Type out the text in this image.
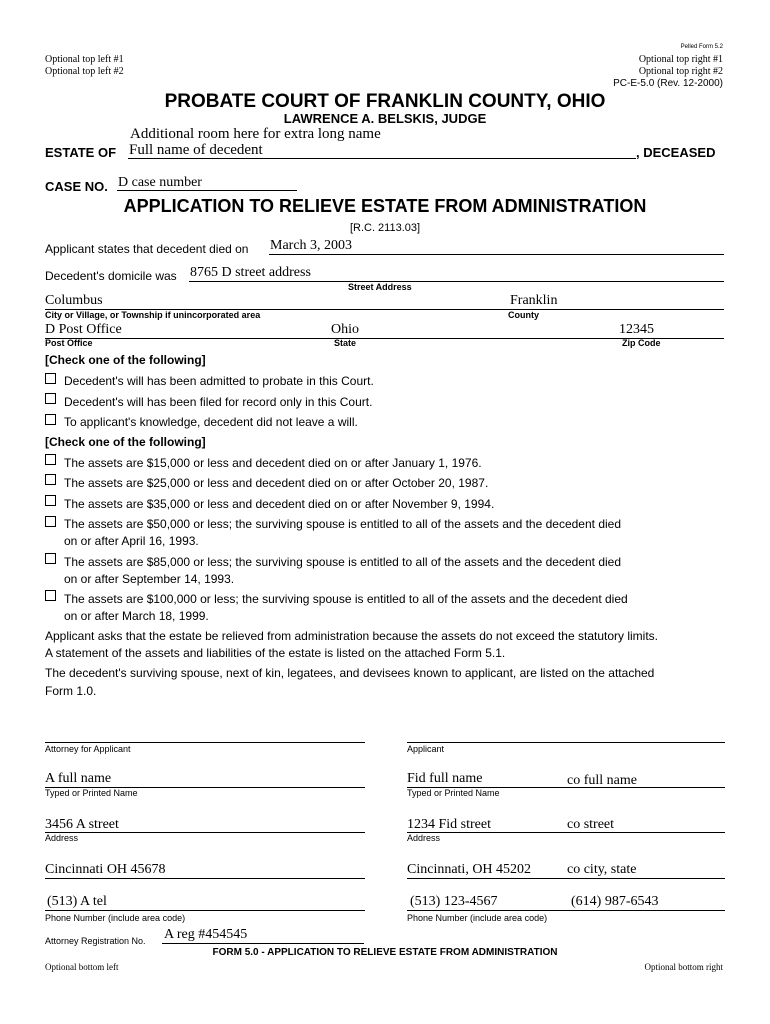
Pelled Form 5.2
Optional top left #1
Optional top left #2
Optional top right #1
Optional top right #2
PC-E-5.0 (Rev. 12-2000)
PROBATE COURT OF FRANKLIN COUNTY, OHIO
LAWRENCE A. BELSKIS, JUDGE
Additional room here for extra long name
ESTATE OF Full name of decedent	, DECEASED
CASE NO. D case number
APPLICATION TO RELIEVE ESTATE FROM ADMINISTRATION
[R.C. 2113.03]
Applicant states that decedent died on March 3, 2003
Decedent's domicile was 8765 D street address
Street Address
Columbus	Franklin
City or Village, or Township if unincorporated area	County
D Post Office	Ohio	12345
Post Office	State	Zip Code
[Check one of the following]
Decedent's will has been admitted to probate in this Court.
Decedent's will has been filed for record only in this Court.
To applicant's knowledge, decedent did not leave a will.
[Check one of the following]
The assets are $15,000 or less and decedent died on or after January 1, 1976.
The assets are $25,000 or less and decedent died on or after October 20, 1987.
The assets are $35,000 or less and decedent died on or after November 9, 1994.
The assets are $50,000 or less; the surviving spouse is entitled to all of the assets and the decedent died
on or after April 16, 1993.
The assets are $85,000 or less; the surviving spouse is entitled to all of the assets and the decedent died
on or after September 14, 1993.
The assets are $100,000 or less; the surviving spouse is entitled to all of the assets and the decedent died
on or after March 18, 1999.
Applicant asks that the estate be relieved from administration because the assets do not exceed the statutory limits.
A statement of the assets and liabilities of the estate is listed on the attached Form 5.1.
The decedent's surviving spouse, next of kin, legatees, and devisees known to applicant, are listed on the attached
Form 1.0.
Attorney for Applicant
A full name
Typed or Printed Name
3456 A street
Address
Cincinnati OH 45678
(513) A tel
Phone Number (include area code)
Attorney Registration No. A reg #454545
Applicant
Fid full name	co full name
Typed or Printed Name
1234 Fid street	co street
Address
Cincinnati, OH 45202	co city, state
(513) 123-4567	(614) 987-6543
Phone Number (include area code)
FORM 5.0 - APPLICATION TO RELIEVE ESTATE FROM ADMINISTRATION
Optional bottom left	Optional bottom right
